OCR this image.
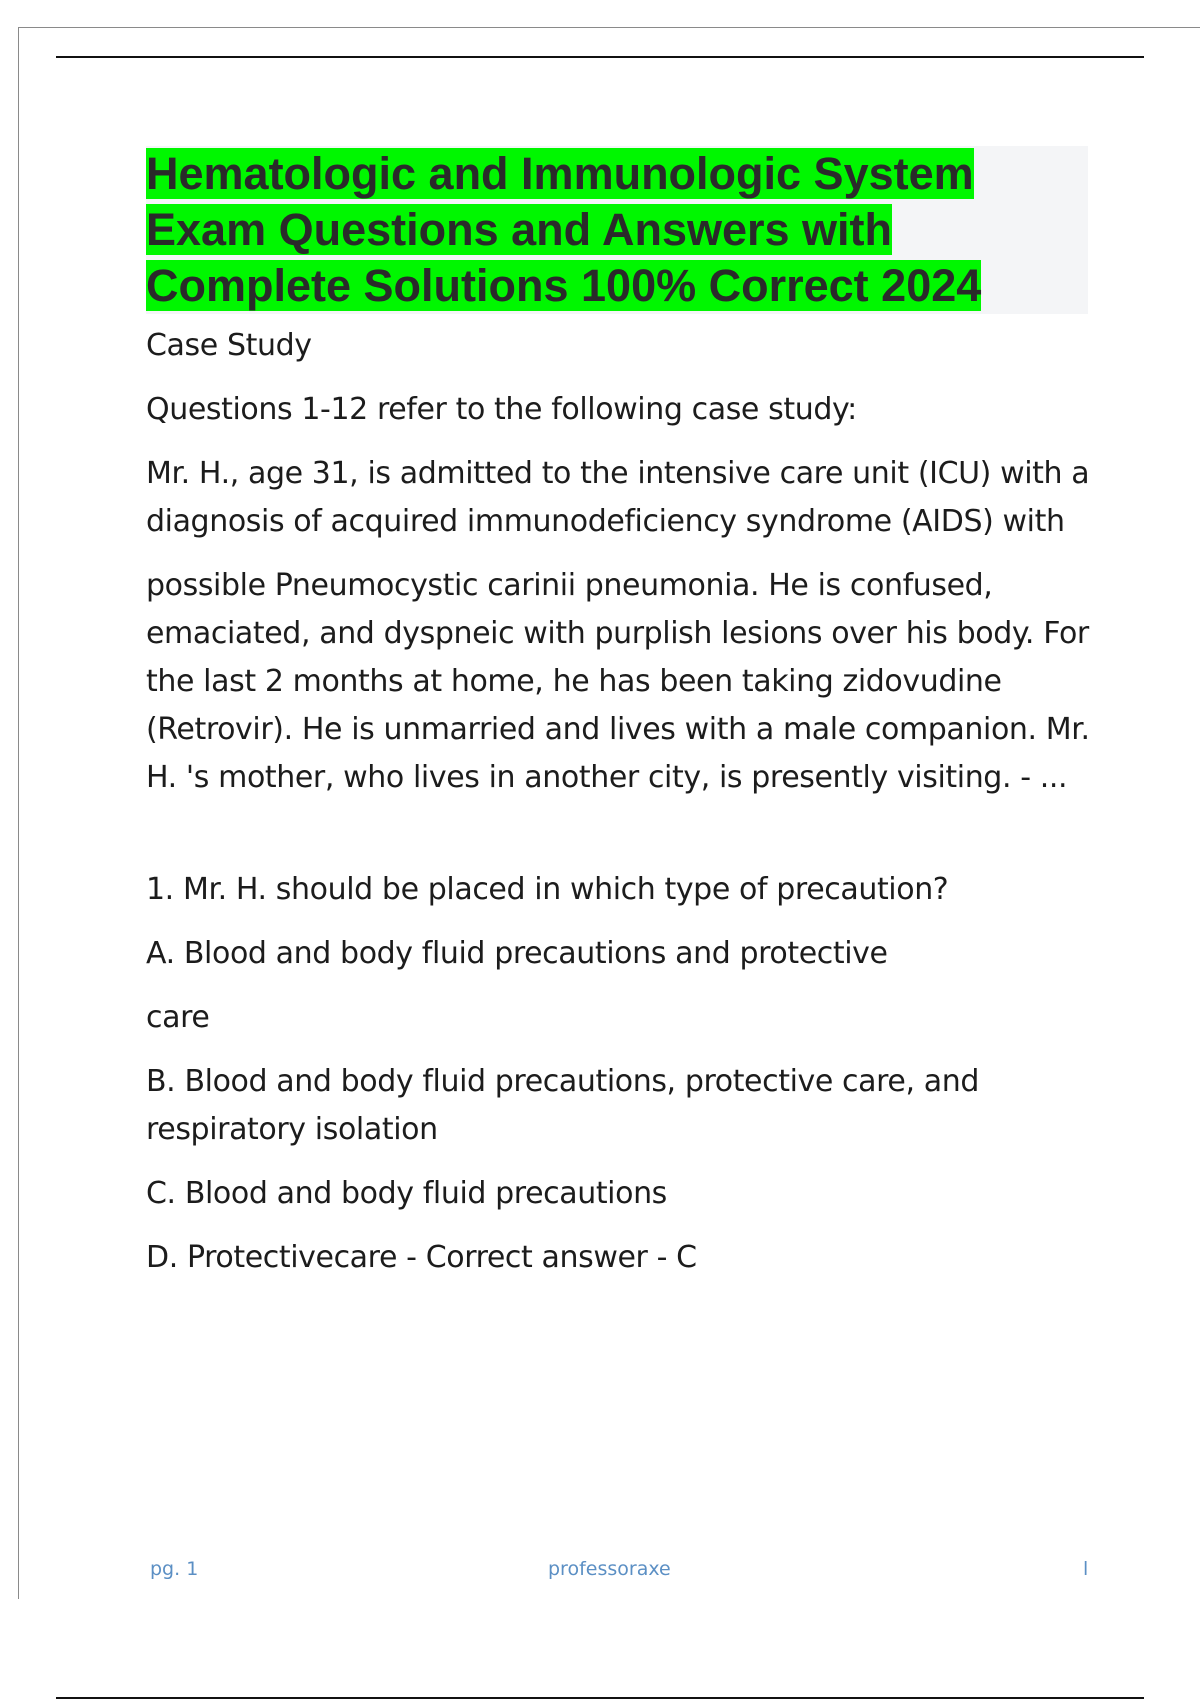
Hematologic and Immunologic System Exam Questions and Answers with Complete Solutions 100% Correct 2024

Case Study

Questions 1-12 refer to the following case study:

Mr. H., age 31, is admitted to the intensive care unit (ICU) with a diagnosis of acquired immunodeficiency syndrome (AIDS) with

possible Pneumocystic carinii pneumonia. He is confused, emaciated, and dyspneic with purplish lesions over his body. For the last 2 months at home, he has been taking zidovudine (Retrovir). He is unmarried and lives with a male companion. Mr. H. 's mother, who lives in another city, is presently visiting. - ...

1. Mr. H. should be placed in which type of precaution?

A. Blood and body fluid precautions and protective

care

B. Blood and body fluid precautions, protective care, and respiratory isolation

C. Blood and body fluid precautions

D. Protectivecare - Correct answer - C

pg. 1	professoraxe	l
